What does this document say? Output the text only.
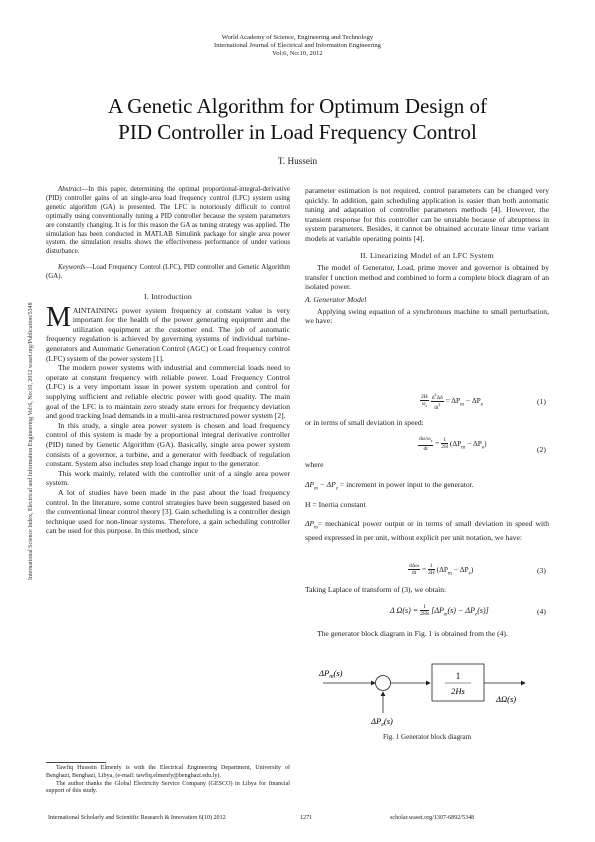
World Academy of Science, Engineering and Technology
International Journal of Electrical and Information Engineering
Vol:6, No:10, 2012
A Genetic Algorithm for Optimum Design of
PID Controller in Load Frequency Control
T. Hussein
International Science Index, Electrical and Information Engineering Vol:6, No:10, 2012 waset.org/Publication/5348

Abstract—In this paper, determining the optimal proportional-integral-derivative (PID) controller gains of an single-area load frequency control (LFC) system using genetic algorithm (GA) is presented. The LFC is notoriously difficult to control optimally using conventionally tuning a PID controller because the system parameters are constantly changing. It is for this reason the GA as tuning strategy was applied. The simulation has been conducted in MATLAB Simulink package for single area power system. the simulation results shows the effectiveness performance of under various disturbance.

Keywords—Load Frequency Control (LFC), PID controller and Genetic Algorithm (GA).

I. Introduction

MAINTAINING power system frequency at constant value is very important for the health of the power generating equipment and the utilization equipment at the customer end. The job of automatic frequency regulation is achieved by governing systems of individual turbine-generators and Automatic Generation Control (AGC) or Load frequency control (LFC) system of the power system [1].

The modern power systems with industrial and commercial loads need to operate at constant frequency with reliable power. Load Frequency Control (LFC) is a very important issue in power system operation and control for supplying sufficient and reliable electric power with good quality. The main goal of the LFC is to maintain zero steady state errors for frequency deviation and good tracking load demands in a multi-area restructured power system [2].

In this study, a single area power system is chosen and load frequency control of this system is made by a proportional integral derivative controller (PID) tuned by Genetic Algorithm (GA). Basically, single area power system consists of a governor, a turbine, and a generator with feedback of regulation constant. System also includes step load change input to the generator.

This work mainly, related with the controller unit of a single area power system.

A lot of studies have been made in the past about the load frequency control. In the literature, some control strategies have been suggested based on the conventional linear control theory [3]. Gain scheduling is a controller design technique used for non-linear systems. Therefore, a gain scheduling controller can be used for this purpose. In this method, since

Tawfiq Hussein Elmenfy is with the Electrical Engineering Department, University of Benghazi, Benghazi, Libya, (e-mail: tawfiq.elmenfy@benghazi.edu.ly).

The author thanks the Global Electricity Service Company (GESCO) in Libya for financial support of this study.

parameter estimation is not required, control parameters can be changed very quickly. In addition, gain scheduling application is easier than both automatic tuning and adaptation of controller parameters methods [4]. However, the transient response for this controller can be unstable because of abruptness in system parameters. Besides, it cannot be obtained accurate linear time variant models at variable operating points [4].

II. Linearizing Model of an LFC System

The model of Generator, Load, prime mover and governor is obtained by transfer f unction method and combined to form a complete block diagram of an isolated power.

A. Generator Model

Applying swing equation of a synchronous machine to small perturbation, we have:

$\frac{2H}{\omega_s}$
$\frac{d^2\Delta\delta}{dt^2} = \Delta P_m - \Delta P_e$	(1)
or in terms of small deviation in speed:
$\frac{d\omega/\omega_s}{dt} = \frac{1}{2H} (\Delta P_m - \Delta P_e)$
(2)
where
$\Delta P_m - \Delta P_e$ = increment in power input to the generator.
H = Inertia constant
$\Delta P_m=$ mechanical power output or in terms of small deviation in speed with speed expressed in per unit, without explicit per unit notation, we have:
$\frac{\text{dΔω}}{dt} = \frac{1}{2H} (\Delta P_m - \Delta P_e)$	(3)
Taking Laplace of transform of (3), we obtain:
Δ $\Omega(s) = \frac{1}{2Hs} [\Delta P_m(s) - \Delta P_e(s)]$	(4)

The generator block diagram in Fig. 1 is obtained from the (4).

1
2Hs
$\Delta P_m(s)$
$\Delta P_e(s)$
ΔΩ(s)
Fig. 1 Generator block diagram
International Scholarly and Scientific Research & Innovation 6(10) 2012	1271	scholar.waset.org/1307-6892/5348
